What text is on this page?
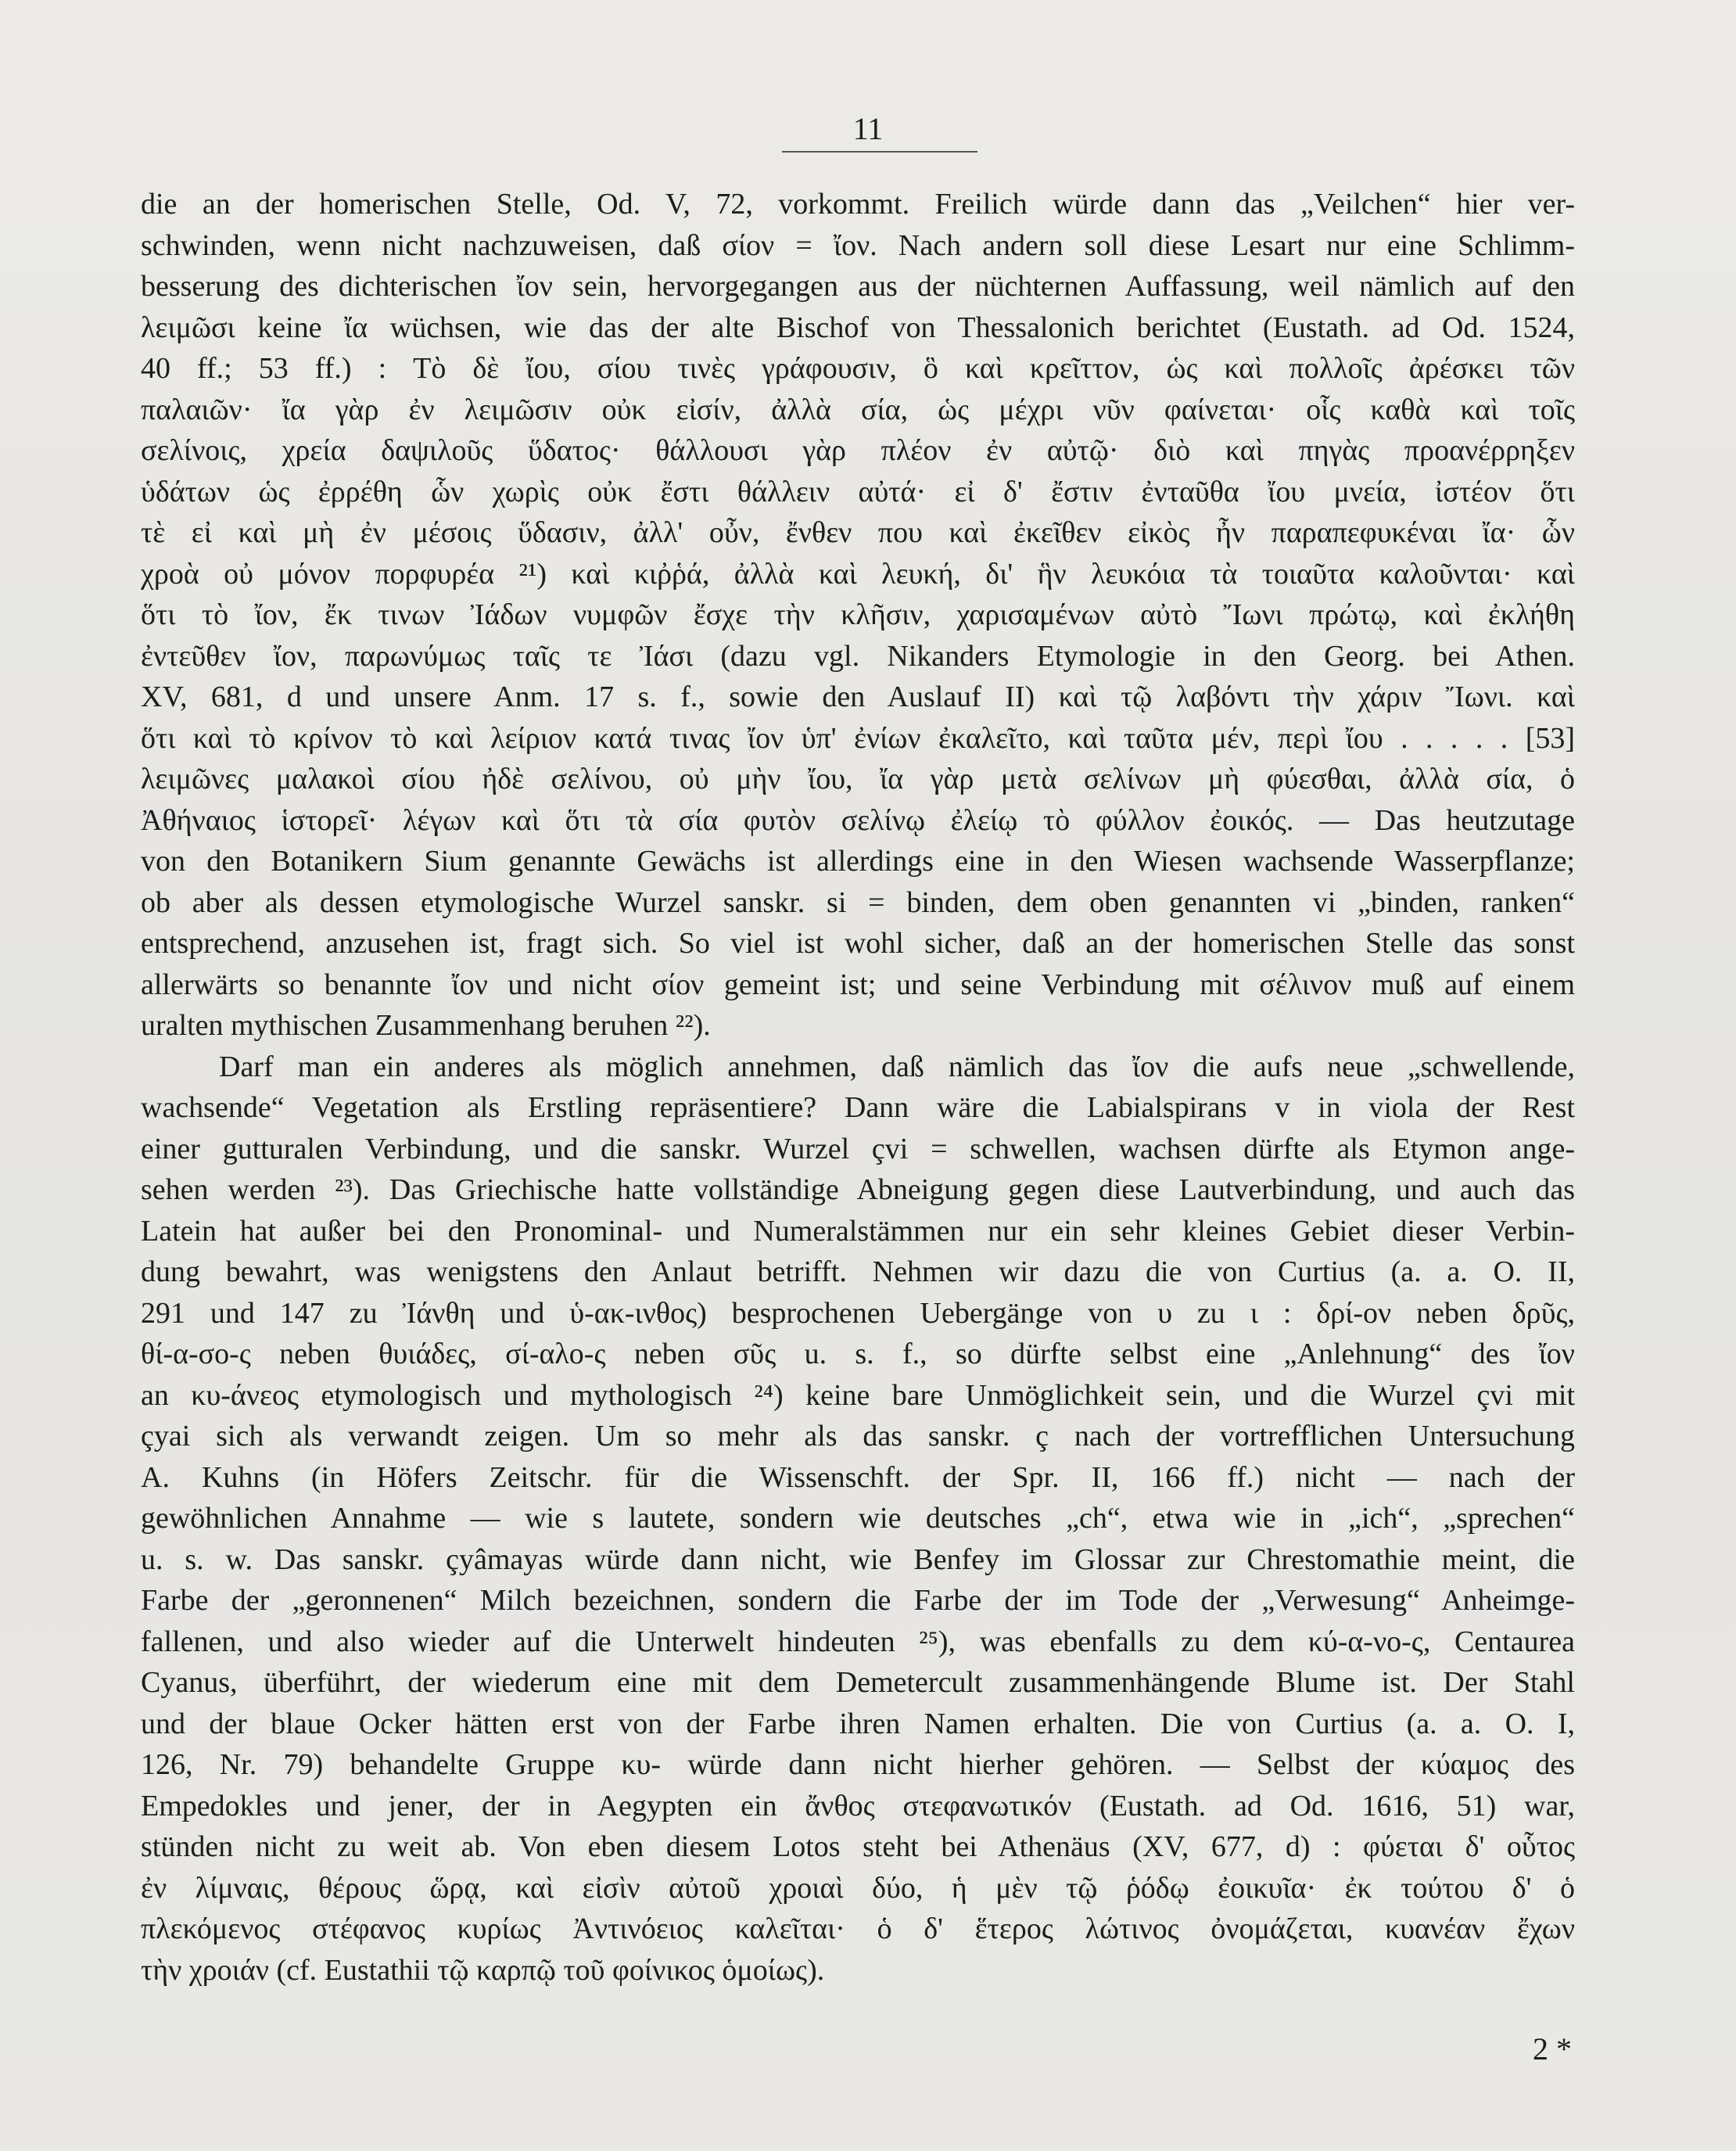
11
die an der homerischen Stelle, Od. V, 72, vorkommt. Freilich würde dann das „Veilchen“ hier ver-
schwinden, wenn nicht nachzuweisen, daß σίον = ἴον. Nach andern soll diese Lesart nur eine Schlimm-
besserung des dichterischen ἴον sein, hervorgegangen aus der nüchternen Auffassung, weil nämlich auf den
λειμῶσι keine ἴα wüchsen, wie das der alte Bischof von Thessalonich berichtet (Eustath. ad Od. 1524,
40 ff.; 53 ff.) : Τὸ δὲ ἴου, σίου τινὲς γράφουσιν, ὃ καὶ κρεῖττον, ὡς καὶ πολλοῖς ἀρέσκει τῶν
παλαιῶν· ἴα γὰρ ἐν λειμῶσιν οὐκ εἰσίν, ἀλλὰ σία, ὡς μέχρι νῦν φαίνεται· οἷς καθὰ καὶ τοῖς
σελίνοις, χρεία δαψιλοῦς ὕδατος· θάλλουσι γὰρ πλέον ἐν αὐτῷ· διὸ καὶ πηγὰς προανέρρηξεν
ὑδάτων ὡς ἐρρέθη ὧν χωρὶς οὐκ ἔστι θάλλειν αὐτά· εἰ δ' ἔστιν ἐνταῦθα ἴου μνεία, ἰστέον ὅτι
τὲ εἰ καὶ μὴ ἐν μέσοις ὕδασιν, ἀλλ' οὖν, ἔνθεν που καὶ ἐκεῖθεν εἰκὸς ἦν παραπεφυκέναι ἴα· ὧν
χροὰ οὐ μόνον πορφυρέα ²¹) καὶ κιῤῥά, ἀλλὰ καὶ λευκή, δι' ἣν λευκόια τὰ τοιαῦτα καλοῦνται· καὶ
ὅτι τὸ ἴον, ἔκ τινων Ἰάδων νυμφῶν ἔσχε τὴν κλῆσιν, χαρισαμένων αὐτὸ Ἴωνι πρώτῳ, καὶ ἐκλήθη
ἐντεῦθεν ἴον, παρωνύμως ταῖς τε Ἰάσι (dazu vgl. Nikanders Etymologie in den Georg. bei Athen.
XV, 681, d und unsere Anm. 17 s. f., sowie den Auslauf II) καὶ τῷ λαβόντι τὴν χάριν Ἴωνι. καὶ
ὅτι καὶ τὸ κρίνον τὸ καὶ λείριον κατά τινας ἴον ὑπ' ἐνίων ἐκαλεῖτο, καὶ ταῦτα μέν, περὶ ἴου . . . . . [53]
λειμῶνες μαλακοὶ σίου ἠδὲ σελίνου, οὐ μὴν ἴου, ἴα γὰρ μετὰ σελίνων μὴ φύεσθαι, ἀλλὰ σία, ὁ
Ἀθήναιος ἱστορεῖ· λέγων καὶ ὅτι τὰ σία φυτὸν σελίνῳ ἐλείῳ τὸ φύλλον ἐοικός. — Das heutzutage
von den Botanikern Sium genannte Gewächs ist allerdings eine in den Wiesen wachsende Wasserpflanze;
ob aber als dessen etymologische Wurzel sanskr. si = binden, dem oben genannten vi „binden, ranken“
entsprechend, anzusehen ist, fragt sich. So viel ist wohl sicher, daß an der homerischen Stelle das sonst
allerwärts so benannte ἴον und nicht σίον gemeint ist; und seine Verbindung mit σέλινον muß auf einem
uralten mythischen Zusammenhang beruhen ²²).
Darf man ein anderes als möglich annehmen, daß nämlich das ἴον die aufs neue „schwellende,
wachsende“ Vegetation als Erstling repräsentiere? Dann wäre die Labialspirans v in viola der Rest
einer gutturalen Verbindung, und die sanskr. Wurzel çvi = schwellen, wachsen dürfte als Etymon ange-
sehen werden ²³). Das Griechische hatte vollständige Abneigung gegen diese Lautverbindung, und auch das
Latein hat außer bei den Pronominal- und Numeralstämmen nur ein sehr kleines Gebiet dieser Verbin-
dung bewahrt, was wenigstens den Anlaut betrifft. Nehmen wir dazu die von Curtius (a. a. O. II,
291 und 147 zu Ἰάνθη und ὑ-ακ-ινθος) besprochenen Uebergänge von υ zu ι : δρί-ον neben δρῦς,
θί-α-σο-ς neben θυιάδες, σί-αλο-ς neben σῦς u. s. f., so dürfte selbst eine „Anlehnung“ des ἴον
an κυ-άνεος etymologisch und mythologisch ²⁴) keine bare Unmöglichkeit sein, und die Wurzel çvi mit
çyai sich als verwandt zeigen. Um so mehr als das sanskr. ç nach der vortrefflichen Untersuchung
A. Kuhns (in Höfers Zeitschr. für die Wissenschft. der Spr. II, 166 ff.) nicht — nach der
gewöhnlichen Annahme — wie s lautete, sondern wie deutsches „ch“, etwa wie in „ich“, „sprechen“
u. s. w. Das sanskr. çyâmayas würde dann nicht, wie Benfey im Glossar zur Chrestomathie meint, die
Farbe der „geronnenen“ Milch bezeichnen, sondern die Farbe der im Tode der „Verwesung“ Anheimge-
fallenen, und also wieder auf die Unterwelt hindeuten ²⁵), was ebenfalls zu dem κύ-α-νο-ς, Centaurea
Cyanus, überführt, der wiederum eine mit dem Demetercult zusammenhängende Blume ist. Der Stahl
und der blaue Ocker hätten erst von der Farbe ihren Namen erhalten. Die von Curtius (a. a. O. I,
126, Nr. 79) behandelte Gruppe κυ- würde dann nicht hierher gehören. — Selbst der κύαμος des
Empedokles und jener, der in Aegypten ein ἄνθος στεφανωτικόν (Eustath. ad Od. 1616, 51) war,
stünden nicht zu weit ab. Von eben diesem Lotos steht bei Athenäus (XV, 677, d) : φύεται δ' οὗτος
ἐν λίμναις, θέρους ὥρᾳ, καὶ εἰσὶν αὐτοῦ χροιαὶ δύο, ἡ μὲν τῷ ῥόδῳ ἐοικυῖα· ἐκ τούτου δ' ὁ
πλεκόμενος στέφανος κυρίως Ἀντινόειος καλεῖται· ὁ δ' ἕτερος λώτινος ὀνομάζεται, κυανέαν ἔχων
τὴν χροιάν (cf. Eustathii τῷ καρπῷ τοῦ φοίνικος ὁμοίως).
2 *
